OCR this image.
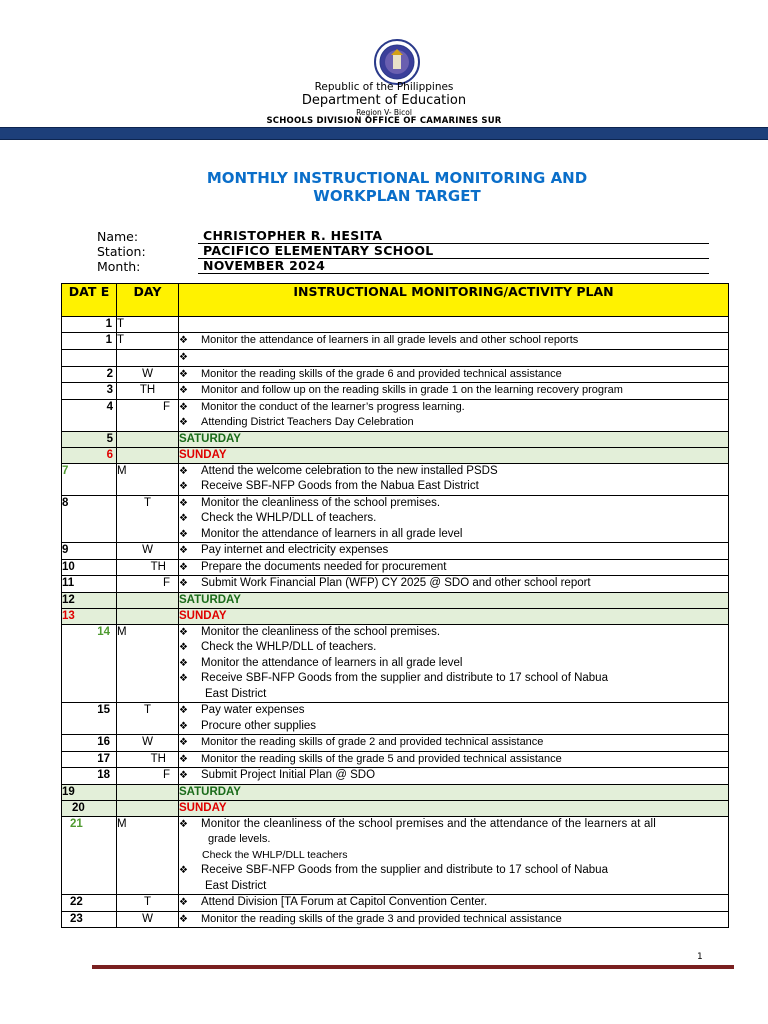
Republic of the Philippines
Department of Education
Region V- Bicol
SCHOOLS DIVISION OFFICE OF CAMARINES SUR
MONTHLY INSTRUCTIONAL MONITORING AND
WORKPLAN TARGET
Name:	CHRISTOPHER R. HESITA
Station:	PACIFICO ELEMENTARY SCHOOL
Month:	NOVEMBER 2024
DAT E	DAY	INSTRUCTIONAL MONITORING/ACTIVITY PLAN
1	T	
1	T	❖ Monitor the attendance of learners in all grade levels and other school reports
		❖
2	W	❖ Monitor the reading skills of the grade 6 and provided technical assistance
3	TH	❖ Monitor and follow up on the reading skills in grade 1 on the learning recovery program
4	F	❖ Monitor the conduct of the learner’s progress learning.
❖ Attending District Teachers Day Celebration

5		SATURDAY
6		SUNDAY
7	M	❖ Attend the welcome celebration to the new installed PSDS
❖ Receive SBF-NFP Goods from the Nabua East District

8	T	❖ Monitor the cleanliness of the school premises.
❖ Check the WHLP/DLL of teachers.
❖ Monitor the attendance of learners in all grade level

9	W	❖ Pay internet and electricity expenses
10	TH	❖ Prepare the documents needed for procurement
11	F	❖ Submit Work Financial Plan (WFP) CY 2025 @ SDO and other school report
12		SATURDAY
13		SUNDAY
14	M	❖ Monitor the cleanliness of the school premises.
❖ Check the WHLP/DLL of teachers.
❖ Monitor the attendance of learners in all grade level
❖ Receive SBF-NFP Goods from the supplier and distribute to 17 school of Nabua
East District

15	T	❖ Pay water expenses
❖ Procure other supplies

16	W	❖ Monitor the reading skills of grade 2 and provided technical assistance
17	TH	❖ Monitor the reading skills of the grade 5 and provided technical assistance
18	F	❖ Submit Project Initial Plan @ SDO
19		SATURDAY
20		SUNDAY
21	M	❖ Monitor the cleanliness of the school premises and the attendance of the learners at all
grade levels.
Check the WHLP/DLL teachers
❖ Receive SBF-NFP Goods from the supplier and distribute to 17 school of Nabua
East District

22	T	❖ Attend Division [TA Forum at Capitol Convention Center.
23	W	❖ Monitor the reading skills of the grade 3 and provided technical assistance
1
